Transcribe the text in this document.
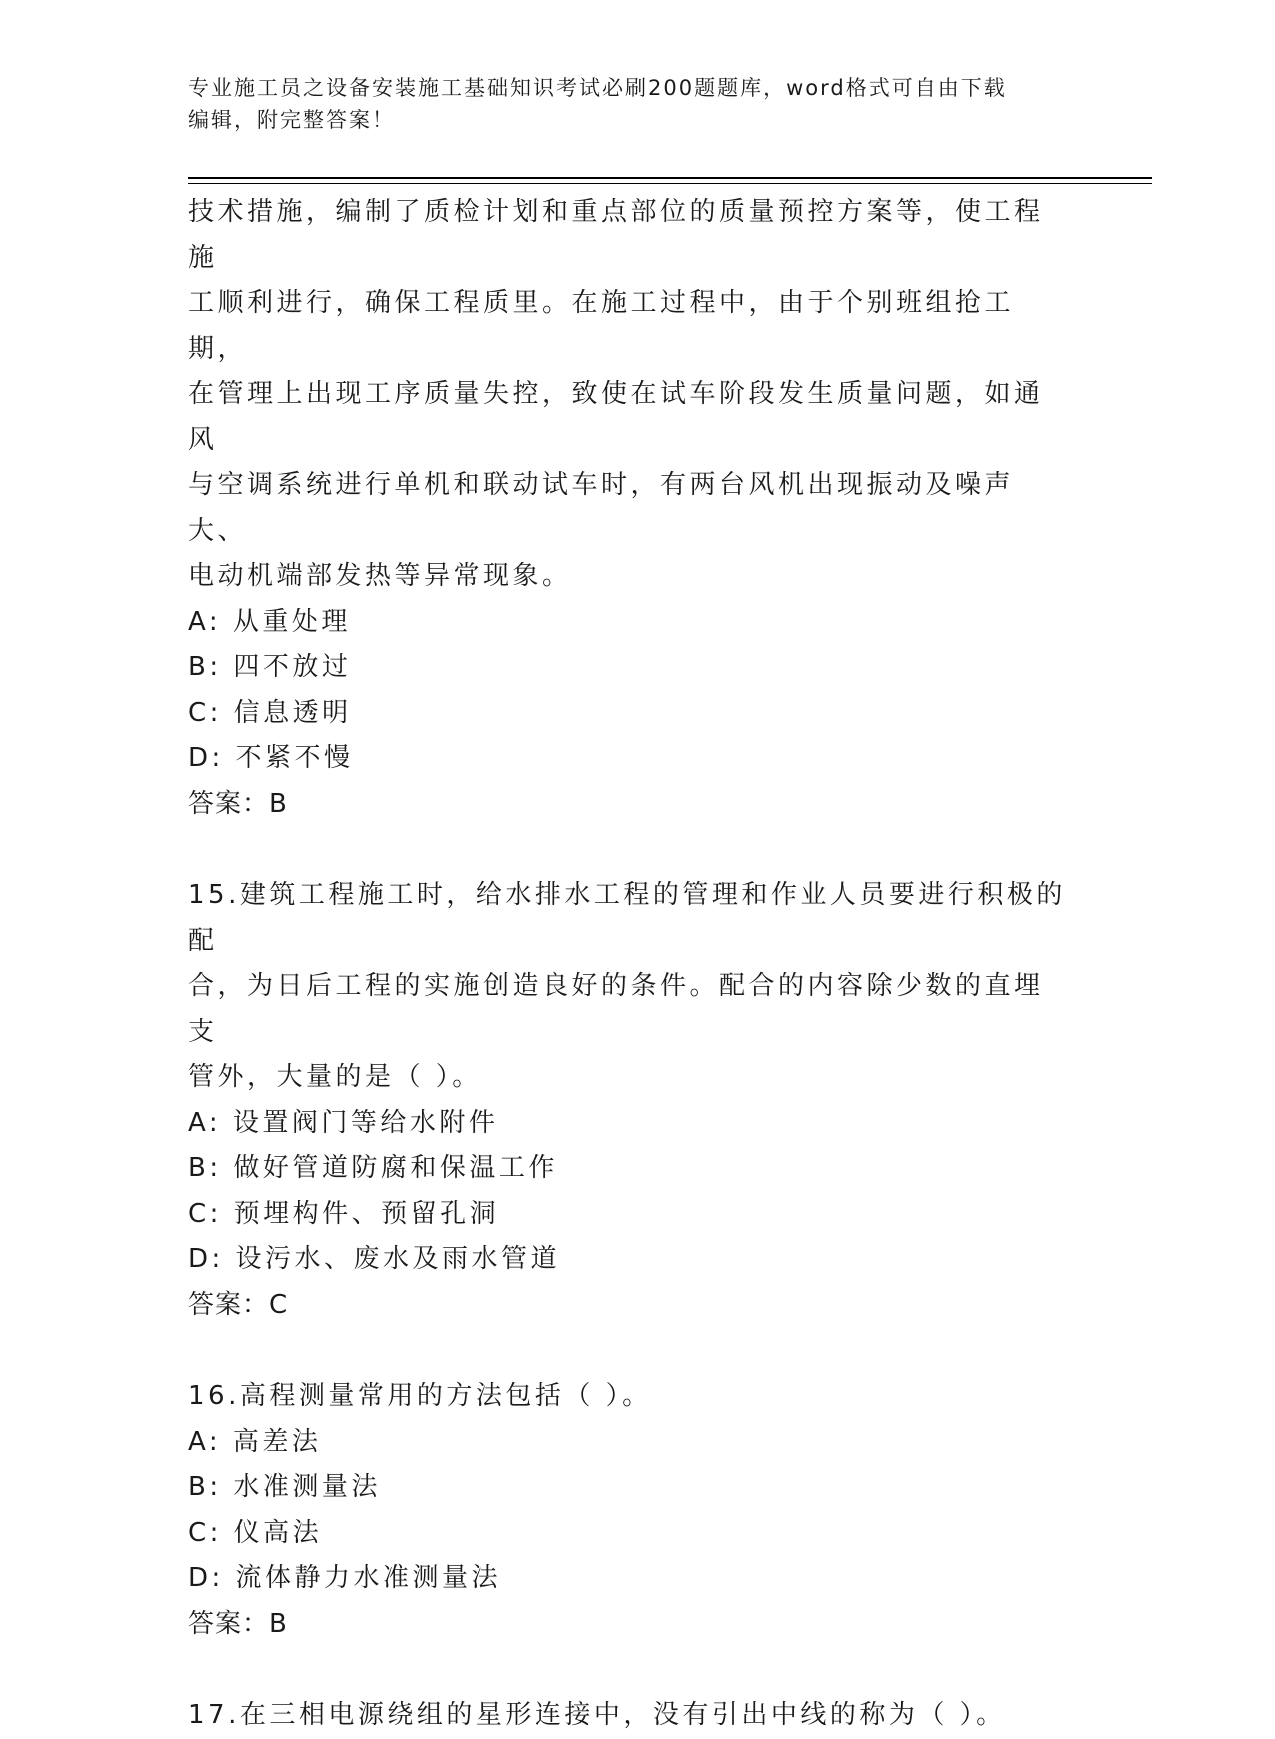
专业施工员之设备安装施工基础知识考试必刷200题题库，word格式可自由下载
编辑，附完整答案！

技术措施，编制了质检计划和重点部位的质量预控方案等，使工程施

工顺利进行，确保工程质里。在施工过程中，由于个别班组抢工期，

在管理上出现工序质量失控，致使在试车阶段发生质量问题，如通风

与空调系统进行单机和联动试车时，有两台风机出现振动及噪声大、

电动机端部发热等异常现象。

A: 从重处理

B: 四不放过

C: 信息透明

D: 不紧不慢

答案：B

15.建筑工程施工时，给水排水工程的管理和作业人员要进行积极的配

合，为日后工程的实施创造良好的条件。配合的内容除少数的直埋支

管外，大量的是（ ）。

A: 设置阀门等给水附件

B: 做好管道防腐和保温工作

C: 预埋构件、预留孔洞

D: 设污水、废水及雨水管道

答案：C

16.高程测量常用的方法包括（ ）。

A: 高差法

B: 水准测量法

C: 仪高法

D: 流体静力水准测量法

答案：B

17.在三相电源绕组的星形连接中，没有引出中线的称为（ ）。
